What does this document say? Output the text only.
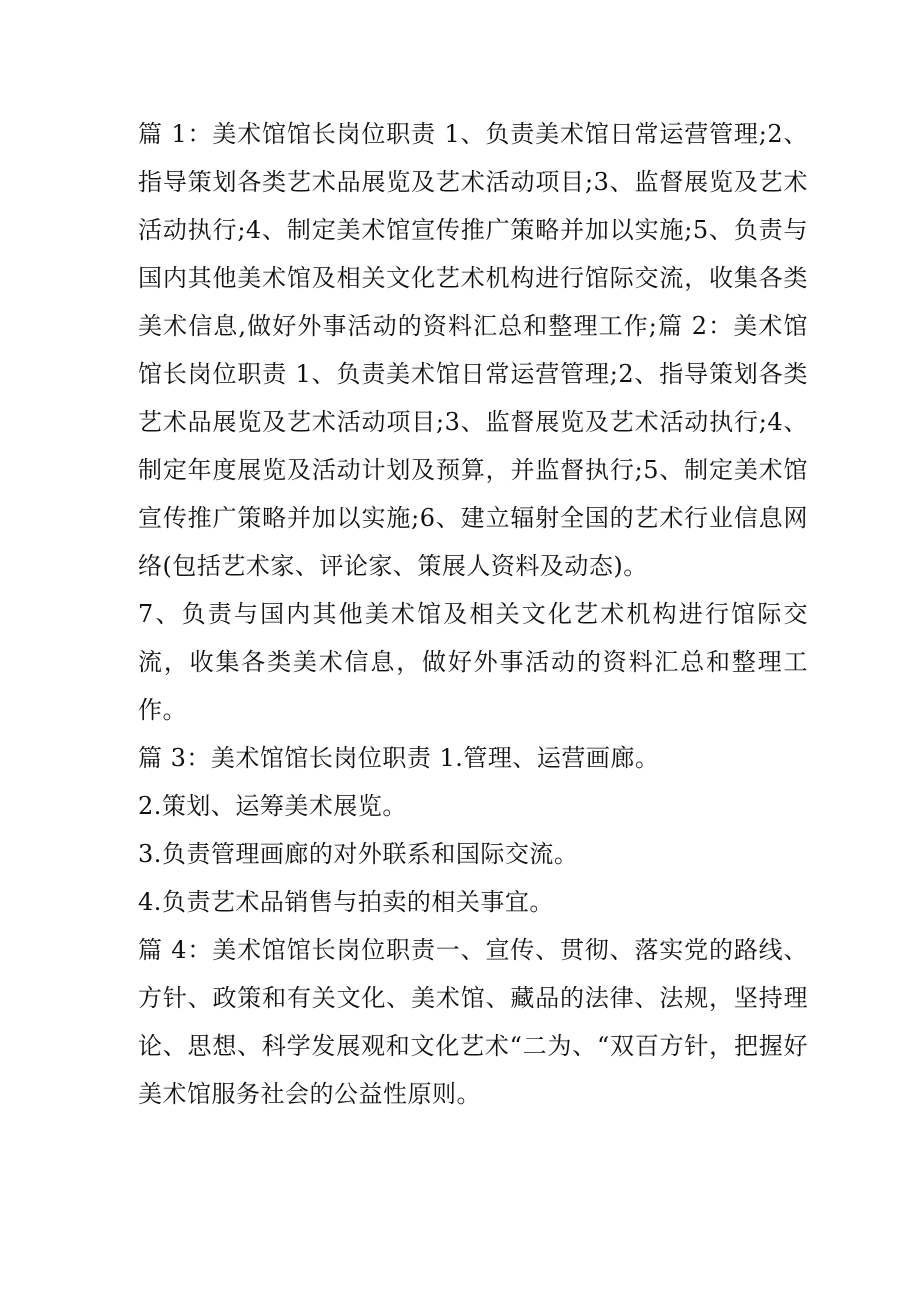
篇 1：美术馆馆长岗位职责 1、负责美术馆日常运营管理;2、指导策划各类艺术品展览及艺术活动项目;3、监督展览及艺术活动执行;4、制定美术馆宣传推广策略并加以实施;5、负责与国内其他美术馆及相关文化艺术机构进行馆际交流，收集各类美术信息,做好外事活动的资料汇总和整理工作;篇 2：美术馆馆长岗位职责 1、负责美术馆日常运营管理;2、指导策划各类艺术品展览及艺术活动项目;3、监督展览及艺术活动执行;4、制定年度展览及活动计划及预算，并监督执行;5、制定美术馆宣传推广策略并加以实施;6、建立辐射全国的艺术行业信息网络(包括艺术家、评论家、策展人资料及动态)。

7、负责与国内其他美术馆及相关文化艺术机构进行馆际交流，收集各类美术信息，做好外事活动的资料汇总和整理工作。

篇 3：美术馆馆长岗位职责 1.管理、运营画廊。

2.策划、运筹美术展览。

3.负责管理画廊的对外联系和国际交流。

4.负责艺术品销售与拍卖的相关事宜。

篇 4：美术馆馆长岗位职责一、宣传、贯彻、落实党的路线、方针、政策和有关文化、美术馆、藏品的法律、法规，坚持理论、思想、科学发展观和文化艺术“二为、“双百方针，把握好美术馆服务社会的公益性原则。
